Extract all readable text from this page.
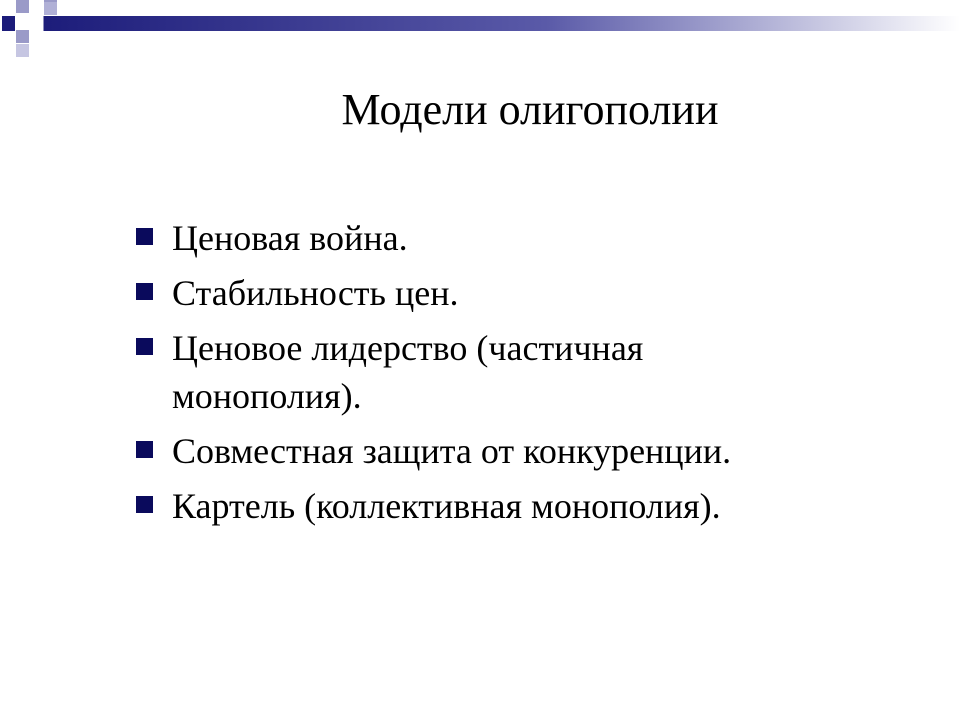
Модели олигополии
Ценовая война.
Стабильность цен.
Ценовое лидерство (частичная монополия).
Совместная защита от конкуренции.
Картель (коллективная монополия).
